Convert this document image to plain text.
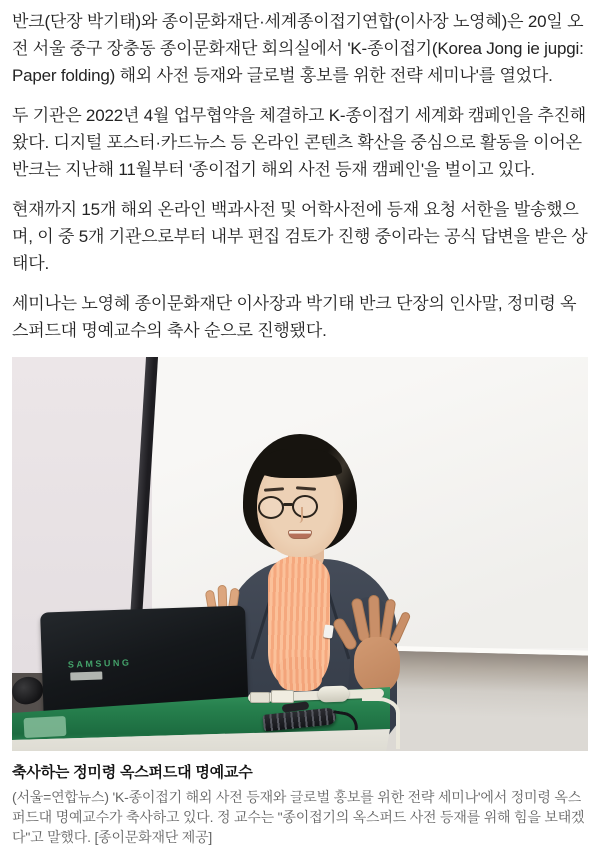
반크(단장 박기태)와 종이문화재단·세계종이접기연합(이사장 노영혜)은 20일 오전 서울 중구 장충동 종이문화재단 회의실에서 'K-종이접기(Korea Jong ie jupgi: Paper folding) 해외 사전 등재와 글로벌 홍보를 위한 전략 세미나'를 열었다.

두 기관은 2022년 4월 업무협약을 체결하고 K-종이접기 세계화 캠페인을 추진해왔다. 디지털 포스터·카드뉴스 등 온라인 콘텐츠 확산을 중심으로 활동을 이어온 반크는 지난해 11월부터 '종이접기 해외 사전 등재 캠페인'을 벌이고 있다.

현재까지 15개 해외 온라인 백과사전 및 어학사전에 등재 요청 서한을 발송했으며, 이 중 5개 기관으로부터 내부 편집 검토가 진행 중이라는 공식 답변을 받은 상태다.

세미나는 노영혜 종이문화재단 이사장과 박기태 반크 단장의 인사말, 정미령 옥스퍼드대 명예교수의 축사 순으로 진행됐다.

SAMSUNG
축사하는 정미령 옥스퍼드대 명예교수
(서울=연합뉴스) 'K-종이접기 해외 사전 등재와 글로벌 홍보를 위한 전략 세미나'에서 정미령 옥스퍼드대 명예교수가 축사하고 있다. 정 교수는 "종이접기의 옥스퍼드 사전 등재를 위해 힘을 보태겠다"고 말했다. [종이문화재단 제공]
